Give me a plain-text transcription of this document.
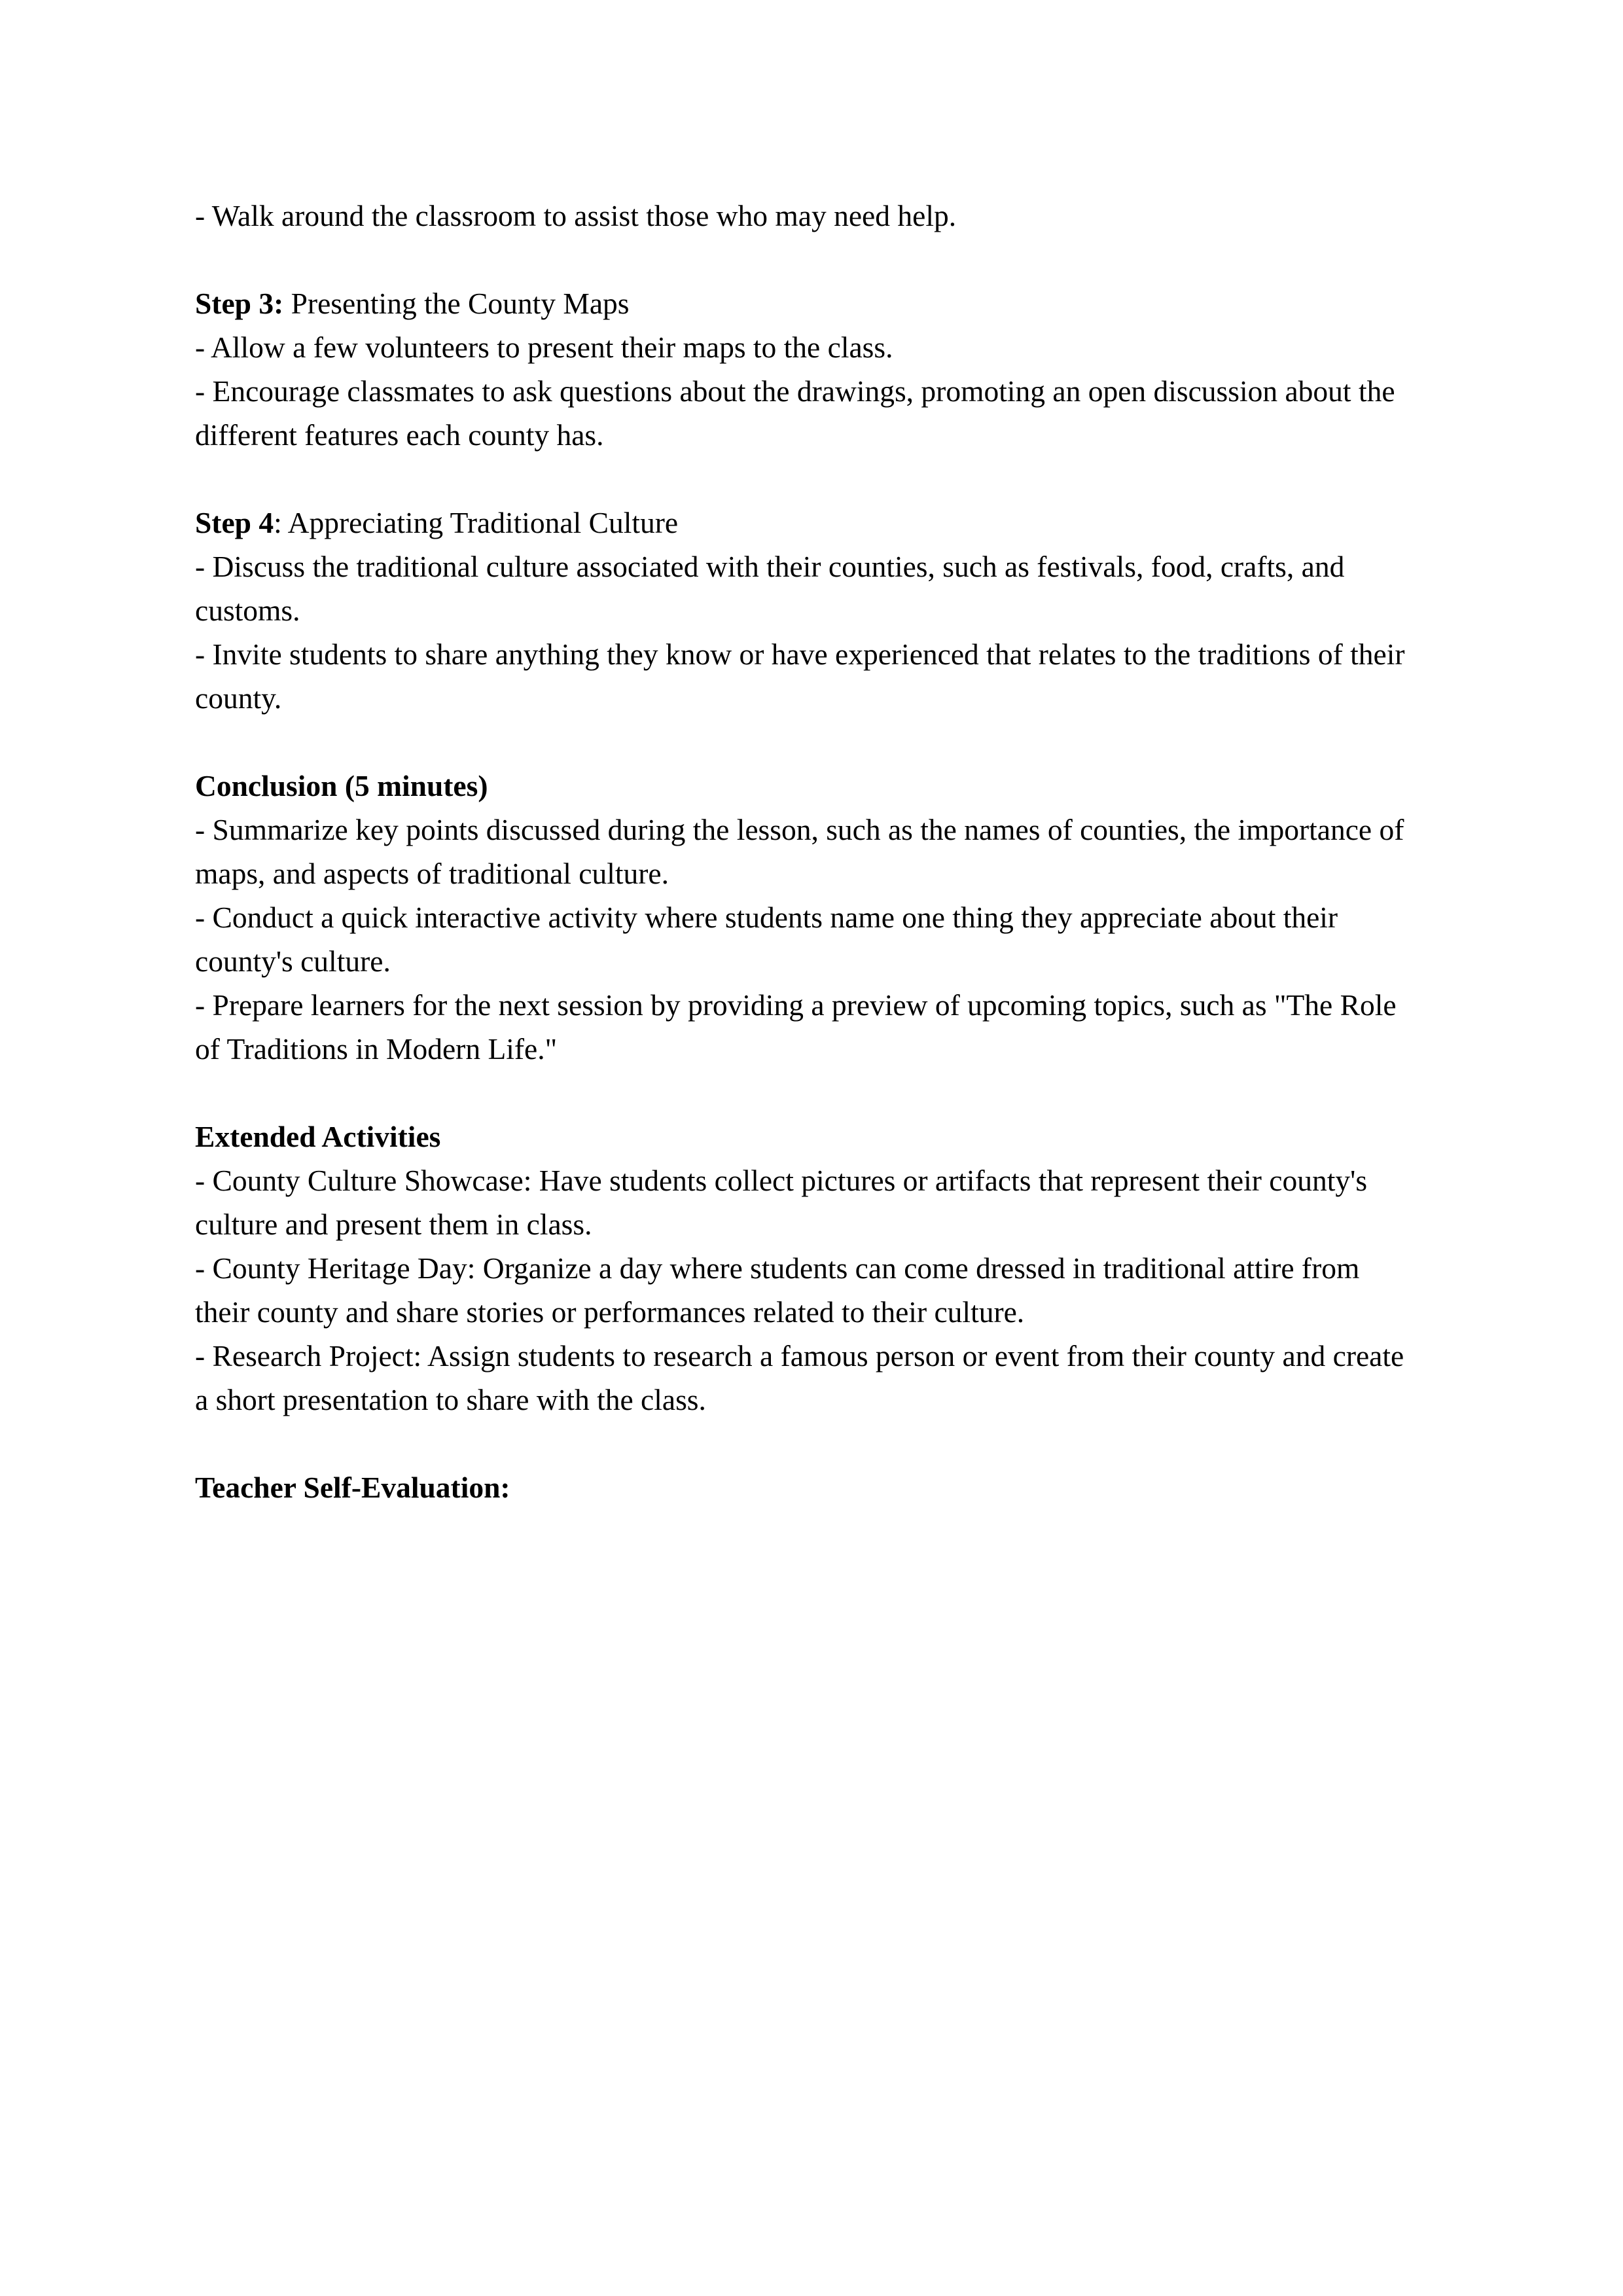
- Walk around the classroom to assist those who may need help.

Step 3: Presenting the County Maps

- Allow a few volunteers to present their maps to the class.

- Encourage classmates to ask questions about the drawings, promoting an open discussion about the different features each county has.

Step 4: Appreciating Traditional Culture

- Discuss the traditional culture associated with their counties, such as festivals, food, crafts, and customs.

- Invite students to share anything they know or have experienced that relates to the traditions of their county.

Conclusion (5 minutes)

- Summarize key points discussed during the lesson, such as the names of counties, the importance of maps, and aspects of traditional culture.

- Conduct a quick interactive activity where students name one thing they appreciate about their county's culture.

- Prepare learners for the next session by providing a preview of upcoming topics, such as "The Role of Traditions in Modern Life."

Extended Activities

- County Culture Showcase: Have students collect pictures or artifacts that represent their county's culture and present them in class.

- County Heritage Day: Organize a day where students can come dressed in traditional attire from their county and share stories or performances related to their culture.

- Research Project: Assign students to research a famous person or event from their county and create a short presentation to share with the class.

Teacher Self-Evaluation:
